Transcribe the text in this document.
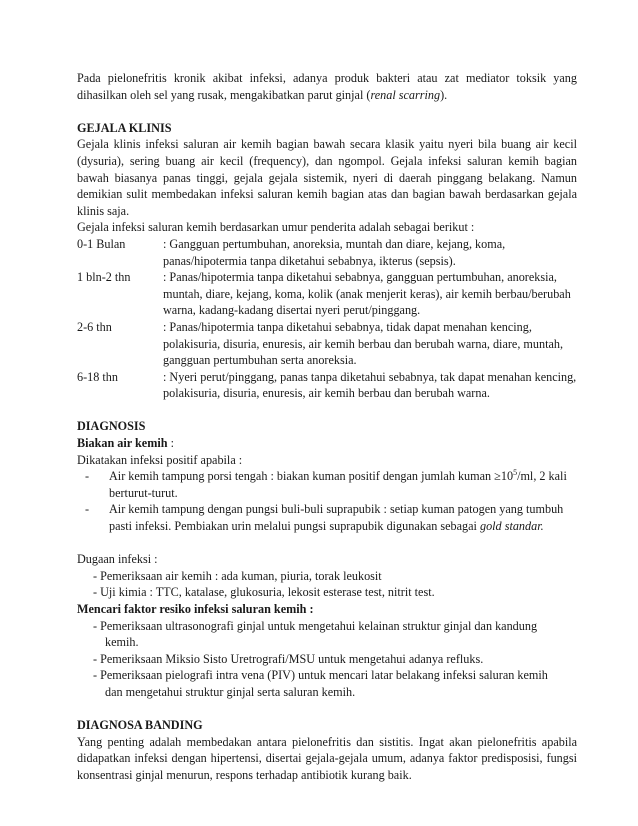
Pada pielonefritis kronik akibat infeksi, adanya produk bakteri atau zat mediator toksik yang dihasilkan oleh sel yang rusak, mengakibatkan parut ginjal (renal scarring).

GEJALA KLINIS

Gejala klinis infeksi saluran air kemih bagian bawah secara klasik yaitu nyeri bila buang air kecil (dysuria), sering buang air kecil (frequency), dan ngompol. Gejala infeksi saluran kemih bagian bawah biasanya panas tinggi, gejala gejala sistemik, nyeri di daerah pinggang belakang. Namun demikian sulit membedakan infeksi saluran kemih bagian atas dan bagian bawah berdasarkan gejala klinis saja.

Gejala infeksi saluran kemih berdasarkan umur penderita adalah sebagai berikut :

0-1 Bulan	: Gangguan pertumbuhan, anoreksia, muntah dan diare, kejang, koma, panas/hipotermia tanpa diketahui sebabnya, ikterus (sepsis).
1 bln-2 thn	: Panas/hipotermia tanpa diketahui sebabnya, gangguan pertumbuhan, anoreksia, muntah, diare, kejang, koma, kolik (anak menjerit keras), air kemih berbau/berubah warna, kadang-kadang disertai nyeri perut/pinggang.
2-6 thn	: Panas/hipotermia tanpa diketahui sebabnya, tidak dapat menahan kencing, polakisuria, disuria, enuresis, air kemih berbau dan berubah warna, diare, muntah, gangguan pertumbuhan serta anoreksia.
6-18 thn	: Nyeri perut/pinggang, panas tanpa diketahui sebabnya, tak dapat menahan kencing, polakisuria, disuria, enuresis, air kemih berbau dan berubah warna.

DIAGNOSIS

Biakan air kemih :

Dikatakan infeksi positif apabila :

-	Air kemih tampung porsi tengah : biakan kuman positif dengan jumlah kuman $\ge 10^5/ml$, 2 kali berturut-turut.
-	Air kemih tampung dengan pungsi buli-buli suprapubik : setiap kuman patogen yang tumbuh pasti infeksi. Pembiakan urin melalui pungsi suprapubik digunakan sebagai gold standar.

Dugaan infeksi :

- Pemeriksaan air kemih : ada kuman, piuria, torak leukosit
- Uji kimia : TTC, katalase, glukosuria, lekosit esterase test, nitrit test.

Mencari faktor resiko infeksi saluran kemih :

- Pemeriksaan ultrasonografi ginjal untuk mengetahui kelainan struktur ginjal dan kandung
kemih.
- Pemeriksaan Miksio Sisto Uretrografi/MSU untuk mengetahui adanya refluks.
- Pemeriksaan pielografi intra vena (PIV) untuk mencari latar belakang infeksi saluran kemih
dan mengetahui struktur ginjal serta saluran kemih.

DIAGNOSA BANDING

Yang penting adalah membedakan antara pielonefritis dan sistitis. Ingat akan pielonefritis apabila didapatkan infeksi dengan hipertensi, disertai gejala-gejala umum, adanya faktor predisposisi, fungsi konsentrasi ginjal menurun, respons terhadap antibiotik kurang baik.
